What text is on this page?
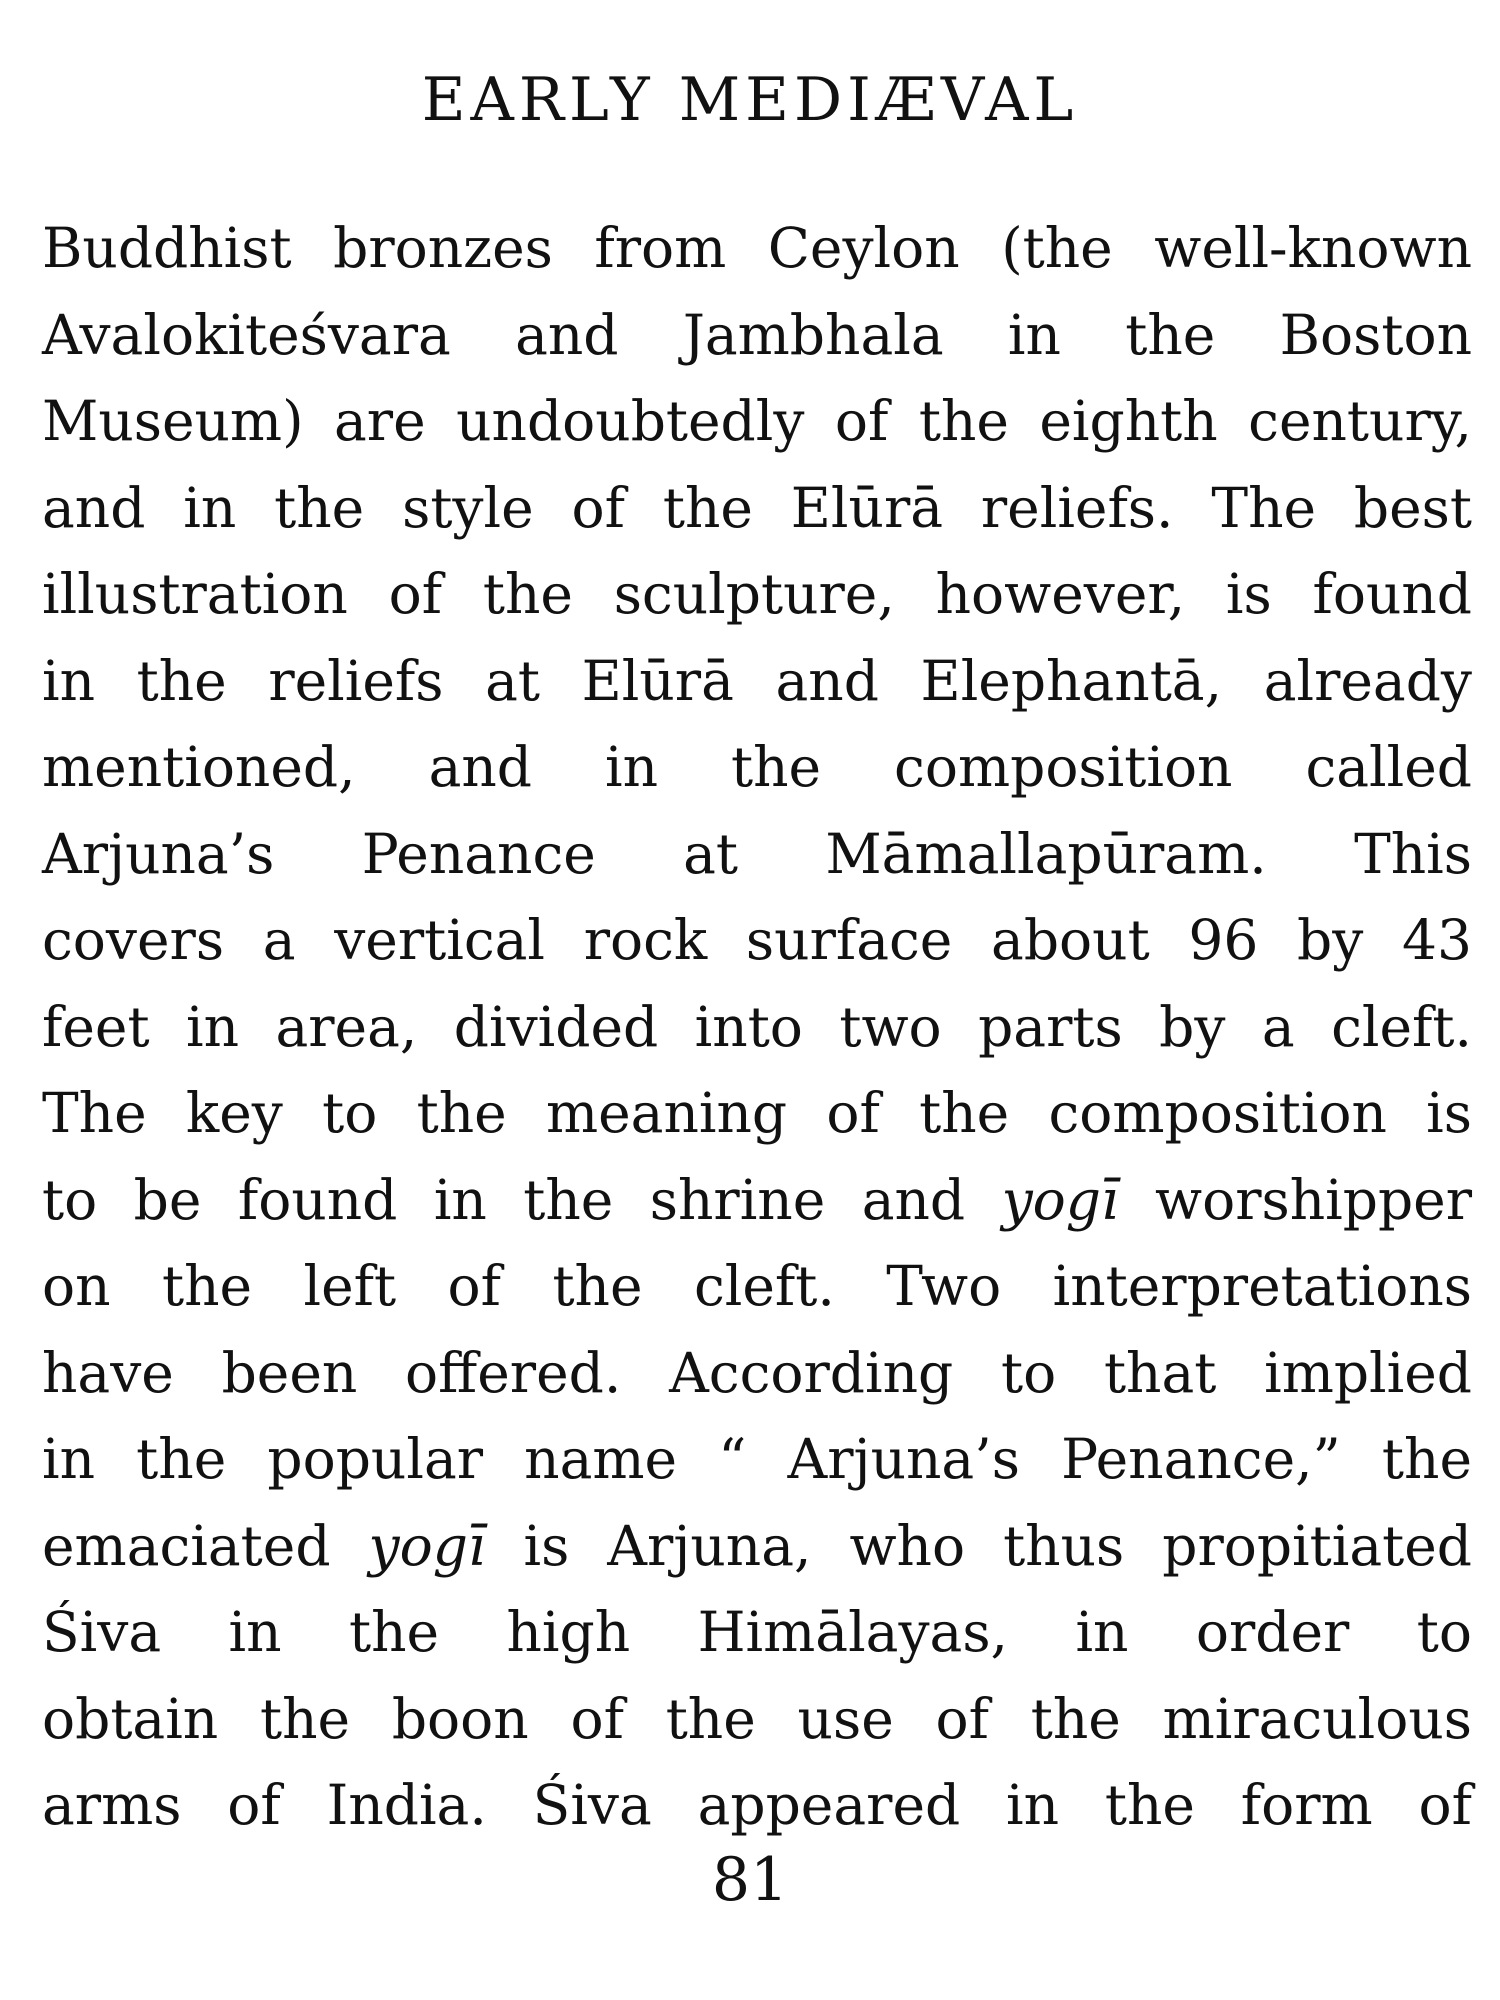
EARLY MEDIÆVAL
Buddhist bronzes from Ceylon (the well-known
Avalokiteśvara and Jambhala in the Boston
Museum) are undoubtedly of the eighth century,
and in the style of the Elūrā reliefs. The best
illustration of the sculpture, however, is found
in the reliefs at Elūrā and Elephantā, already
mentioned, and in the composition called
Arjuna’s Penance at Māmallapūram. This
covers a vertical rock surface about 96 by 43
feet in area, divided into two parts by a cleft.
The key to the meaning of the composition is
to be found in the shrine and yogī worshipper
on the left of the cleft. Two interpretations
have been offered. According to that implied
in the popular name “ Arjuna’s Penance,” the
emaciated yogī is Arjuna, who thus propitiated
Śiva in the high Himālayas, in order to
obtain the boon of the use of the miraculous
arms of India. Śiva appeared in the form of
81
